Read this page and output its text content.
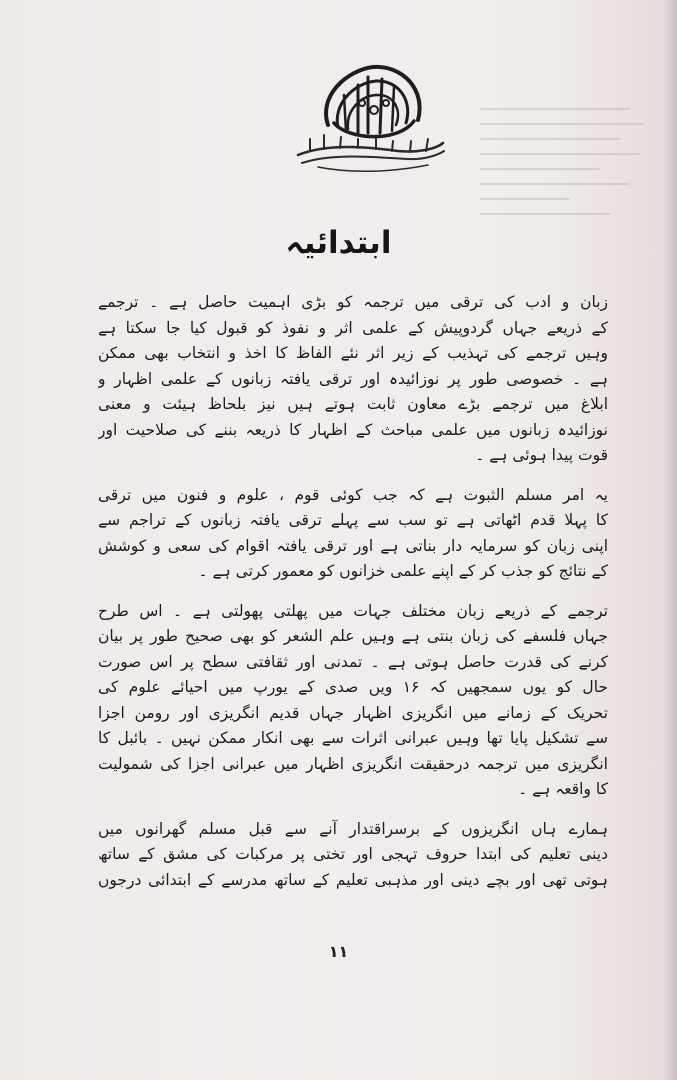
ابتدائیہ
زبان و ادب کی ترقی میں ترجمہ کو بڑی اہمیت حاصل ہے ۔ ترجمے
کے ذریعے جہاں گردوپیش کے علمی اثر و نفوذ کو قبول کیا جا سکتا ہے
وہیں ترجمے کی تہذیب کے زیر اثر نئے الفاظ کا اخذ و انتخاب بھی ممکن
ہے ۔ خصوصی طور پر نوزائیدہ اور ترقی یافتہ زبانوں کے علمی اظہار و
ابلاغ میں ترجمے بڑے معاون ثابت ہوتے ہیں نیز بلحاظ ہیئت و معنی
نوزائیدہ زبانوں میں علمی مباحث کے اظہار کا ذریعہ بننے کی صلاحیت اور
قوت پیدا ہوئی ہے ۔
یہ امر مسلم الثبوت ہے کہ جب کوئی قوم ، علوم و فنون میں ترقی
کا پہلا قدم اٹھاتی ہے تو سب سے پہلے ترقی یافتہ زبانوں کے تراجم سے
اپنی زبان کو سرمایہ دار بناتی ہے اور ترقی یافتہ اقوام کی سعی و کوشش
کے نتائج کو جذب کر کے اپنے علمی خزانوں کو معمور کرتی ہے ۔
ترجمے کے ذریعے زبان مختلف جہات میں پھلتی پھولتی ہے ۔ اس طرح
جہاں فلسفے کی زبان بنتی ہے وہیں علم الشعر کو بھی صحیح طور پر بیان
کرنے کی قدرت حاصل ہوتی ہے ۔ تمدنی اور ثقافتی سطح پر اس صورت
حال کو یوں سمجھیں کہ ۱۶ ویں صدی کے یورپ میں احیائے علوم کی
تحریک کے زمانے میں انگریزی اظہار جہاں قدیم انگریزی اور رومن اجزا
سے تشکیل پایا تھا وہیں عبرانی اثرات سے بھی انکار ممکن نہیں ۔ بائبل کا
انگریزی میں ترجمہ درحقیقت انگریزی اظہار میں عبرانی اجزا کی شمولیت
کا واقعہ ہے ۔
ہمارے ہاں انگریزوں کے برسراقتدار آنے سے قبل مسلم گھرانوں میں
دینی تعلیم کی ابتدا حروف تہجی اور تختی پر مرکبات کی مشق کے ساتھ
ہوتی تھی اور بچے دینی اور مذہبی تعلیم کے ساتھ مدرسے کے ابتدائی درجوں
۱۱
